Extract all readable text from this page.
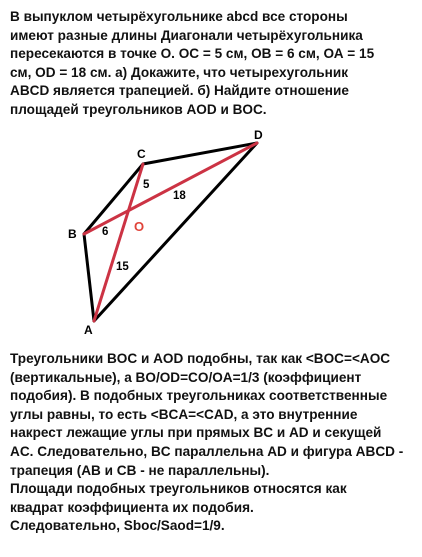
В выпуклом четырёхугольнике abcd все стороны
имеют разные длины Диагонали четырёхугольника
пересекаются в точке О. ОС = 5 см, ОВ = 6 см, ОА = 15
см, OD = 18 см. а) Докажите, что четырехугольник
ABCD является трапецией. б) Найдите отношение
площадей треугольников AOD и BOC.
A
B
C
D
O
5
18
6
15
Треугольники BOC и AOD подобны, так как <BOC=<AOC
(вертикальные), а BO/OD=CO/OA=1/3 (коэффициент
подобия). В подобных треугольниках соответственные
углы равны, то есть <BCA=<CAD, а это внутренние
накрест лежащие углы при прямых BC и AD и секущей
AC. Следовательно, BC параллельна AD и фигура ABCD -
трапеция (AB и CB - не параллельны).
Площади подобных треугольников относятся как
квадрат коэффициента их подобия.
Следовательно, Sboc/Saod=1/9.
